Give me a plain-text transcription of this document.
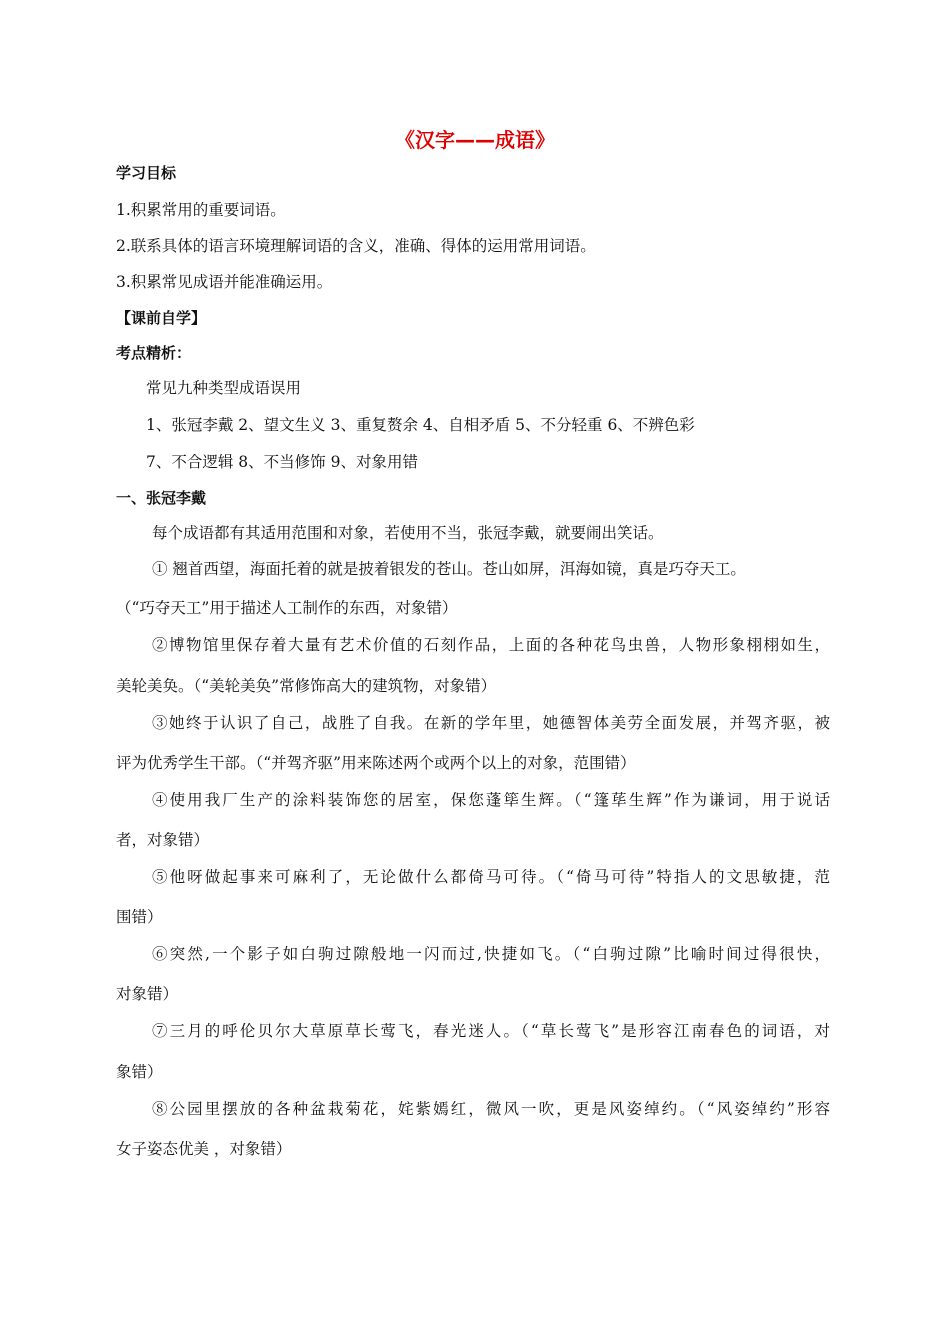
《汉字——成语》
学习目标
1.积累常用的重要词语。
2.联系具体的语言环境理解词语的含义，准确、得体的运用常用词语。
3.积累常见成语并能准确运用。
【课前自学】
考点精析：
常见九种类型成语误用
1、张冠李戴 2、望文生义 3、重复赘余 4、自相矛盾 5、不分轻重 6、不辨色彩
7、不合逻辑 8、不当修饰 9、对象用错
一、张冠李戴
每个成语都有其适用范围和对象，若使用不当，张冠李戴，就要闹出笑话。
① 翘首西望，海面托着的就是披着银发的苍山。苍山如屏，洱海如镜，真是巧夺天工。
（“巧夺天工”用于描述人工制作的东西，对象错）
②博物馆里保存着大量有艺术价值的石刻作品，上面的各种花鸟虫兽，人物形象栩栩如生，
美轮美奂。（“美轮美奂”常修饰高大的建筑物，对象错）
③她终于认识了自己，战胜了自我。在新的学年里，她德智体美劳全面发展，并驾齐驱，被
评为优秀学生干部。（“并驾齐驱”用来陈述两个或两个以上的对象，范围错）
④使用我厂生产的涂料装饰您的居室，保您蓬筚生辉。（“篷荜生辉”作为谦词，用于说话
者，对象错）
⑤他呀做起事来可麻利了，无论做什么都倚马可待。（“倚马可待”特指人的文思敏捷，范
围错）
⑥突然,一个影子如白驹过隙般地一闪而过,快捷如飞。（“白驹过隙”比喻时间过得很快，
对象错）
⑦三月的呼伦贝尔大草原草长莺飞，春光迷人。（“草长莺飞”是形容江南春色的词语，对
象错）
⑧公园里摆放的各种盆栽菊花，姹紫嫣红，微风一吹，更是风姿绰约。（“风姿绰约”形容
女子姿态优美 ，对象错）
